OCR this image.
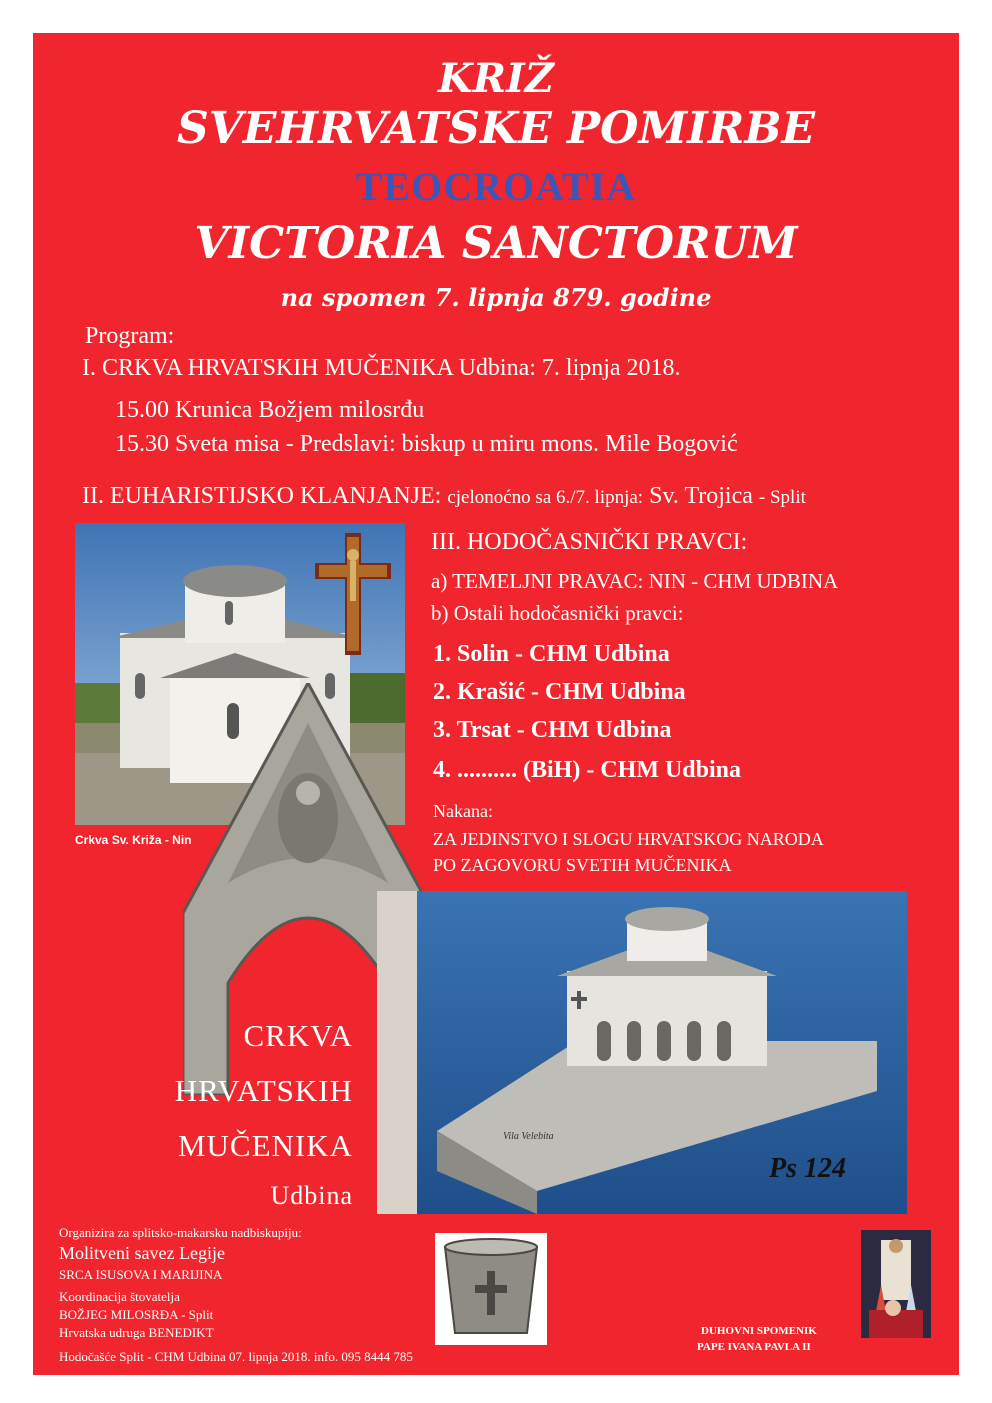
KRIŽ
SVEHRVATSKE POMIRBE
TEOCROATIA
VICTORIA SANCTORUM
na spomen 7. lipnja 879. godine
Program:
I. CRKVA HRVATSKIH MUČENIKA Udbina: 7. lipnja 2018.
15.00 Krunica Božjem milosrđu
15.30 Sveta misa - Predslavi: biskup u miru mons. Mile Bogović
II. EUHARISTIJSKO KLANJANJE: cjelonoćno sa 6./7. lipnja: Sv. Trojica - Split
III. HODOČASNIČKI PRAVCI:
a) TEMELJNI PRAVAC: NIN - CHM UDBINA
b) Ostali hodočasnički pravci:
1. Solin - CHM Udbina
2. Krašić - CHM Udbina
3. Trsat - CHM Udbina
4. .......... (BiH) - CHM Udbina
Nakana:
ZA JEDINSTVO I SLOGU HRVATSKOG NARODA
PO ZAGOVORU SVETIH MUČENIKA
Crkva Sv. Križa - Nin
Vila Velebita
Ps 124
CRKVA
HRVATSKIH
MUČENIKA
Udbina
Organizira za splitsko-makarsku nadbiskupiju:
Molitveni savez Legije
SRCA ISUSOVA I MARIJINA
Koordinacija štovatelja
BOŽJEG MILOSRĐA - Split
Hrvatska udruga BENEDIKT
Hodočašće Split - CHM Udbina 07. lipnja 2018. info. 095 8444 785
DUHOVNI SPOMENIK
PAPE IVANA PAVLA II
